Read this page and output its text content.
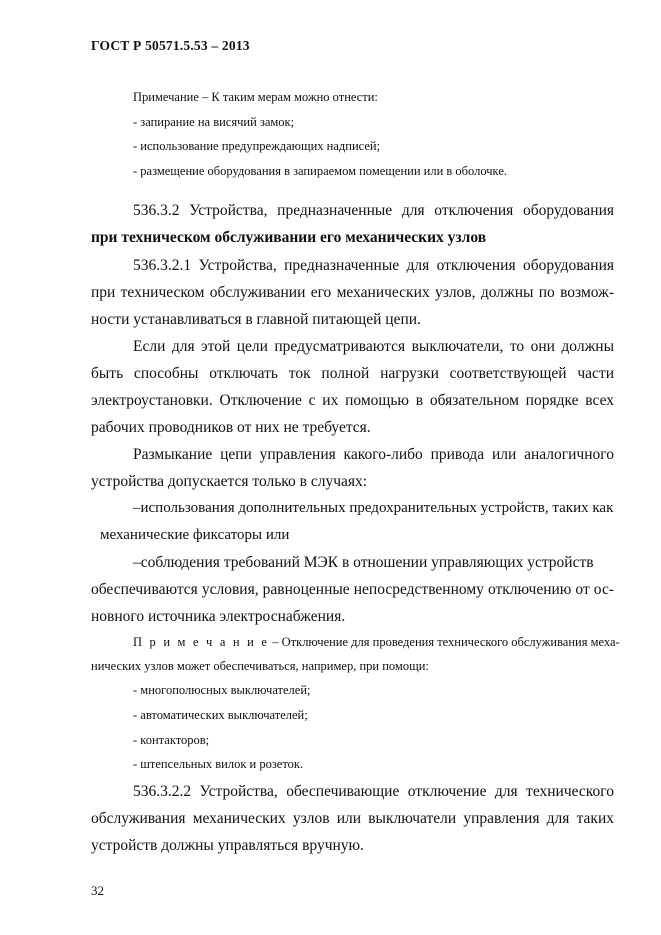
ГОСТ Р 50571.5.53 – 2013
Примечание – К таким мерам можно отнести:
- запирание на висячий замок;
- использование предупреждающих надписей;
- размещение оборудования в запираемом помещении или в оболочке.
536.3.2 Устройства, предназначенные для отключения оборудования
при техническом обслуживании его механических узлов
536.3.2.1 Устройства, предназначенные для отключения оборудования
при техническом обслуживании его механических узлов, должны по возмож-
ности устанавливаться в главной питающей цепи.
Если для этой цели предусматриваются выключатели, то они должны
быть способны отключать ток полной нагрузки соответствующей части
электроустановки. Отключение с их помощью в обязательном порядке всех
рабочих проводников от них не требуется.
Размыкание цепи управления какого-либо привода или аналогичного
устройства допускается только в случаях:
–использования дополнительных предохранительных устройств, таких как
механические фиксаторы или
–соблюдения требований МЭК в отношении управляющих устройств
обеспечиваются условия, равноценные непосредственному отключению от ос-
новного источника электроснабжения.
П р и м е ч а н и е – Отключение для проведения технического обслуживания меха-
нических узлов может обеспечиваться, например, при помощи:
- многополюсных выключателей;
- автоматических выключателей;
- контакторов;
- штепсельных вилок и розеток.
536.3.2.2 Устройства, обеспечивающие отключение для технического
обслуживания механических узлов или выключатели управления для таких
устройств должны управляться вручную.
32
